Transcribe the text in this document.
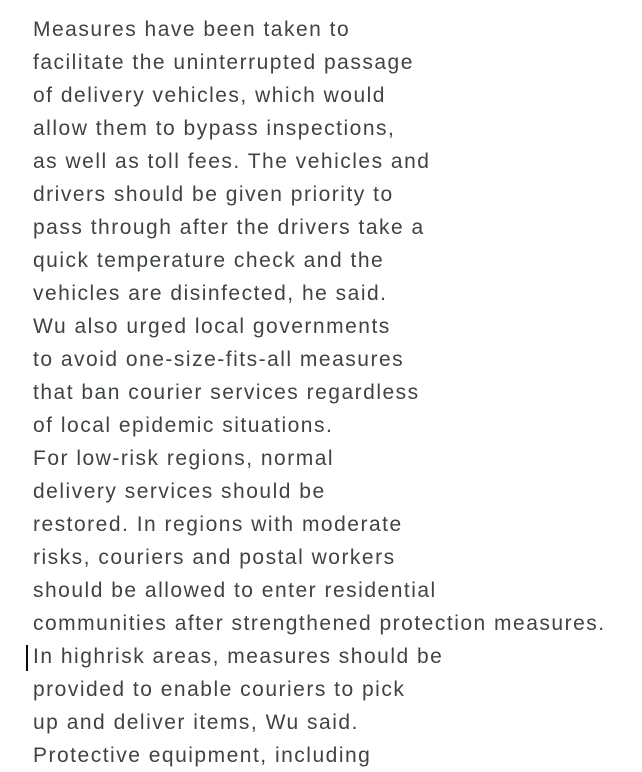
Measures have been taken to
facilitate the uninterrupted passage
of delivery vehicles, which would
allow them to bypass inspections,
as well as toll fees. The vehicles and
drivers should be given priority to
pass through after the drivers take a
quick temperature check and the
vehicles are disinfected, he said.
Wu also urged local governments
to avoid one-size-fits-all measures
that ban courier services regardless
of local epidemic situations.
For low-risk regions, normal
delivery services should be
restored. In regions with moderate
risks, couriers and postal workers
should be allowed to enter residential
communities after strengthened protection measures.
In highrisk areas, measures should be
provided to enable couriers to pick
up and deliver items, Wu said.
Protective equipment, including
